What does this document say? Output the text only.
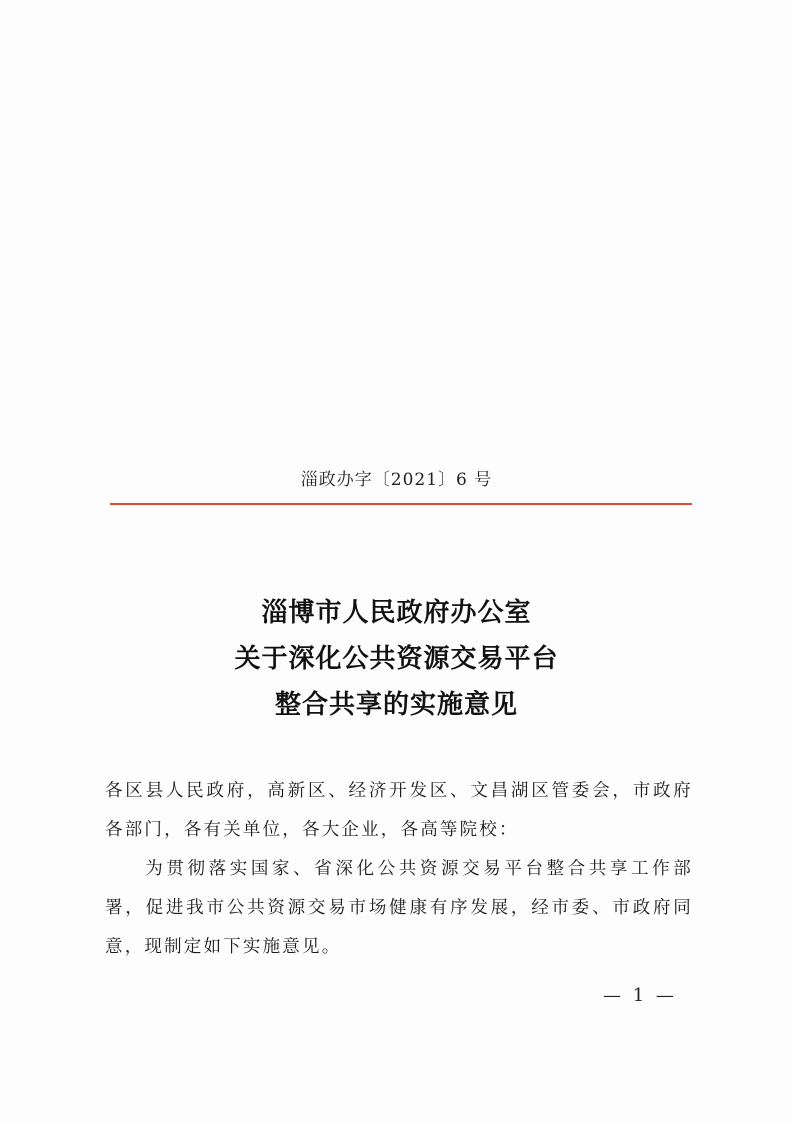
淄政办字〔2021〕6 号
淄博市人民政府办公室
关于深化公共资源交易平台
整合共享的实施意见

各区县人民政府，高新区、经济开发区、文昌湖区管委会，市政府各部门，各有关单位，各大企业，各高等院校：

为贯彻落实国家、省深化公共资源交易平台整合共享工作部署，促进我市公共资源交易市场健康有序发展，经市委、市政府同意，现制定如下实施意见。

— 1 —
